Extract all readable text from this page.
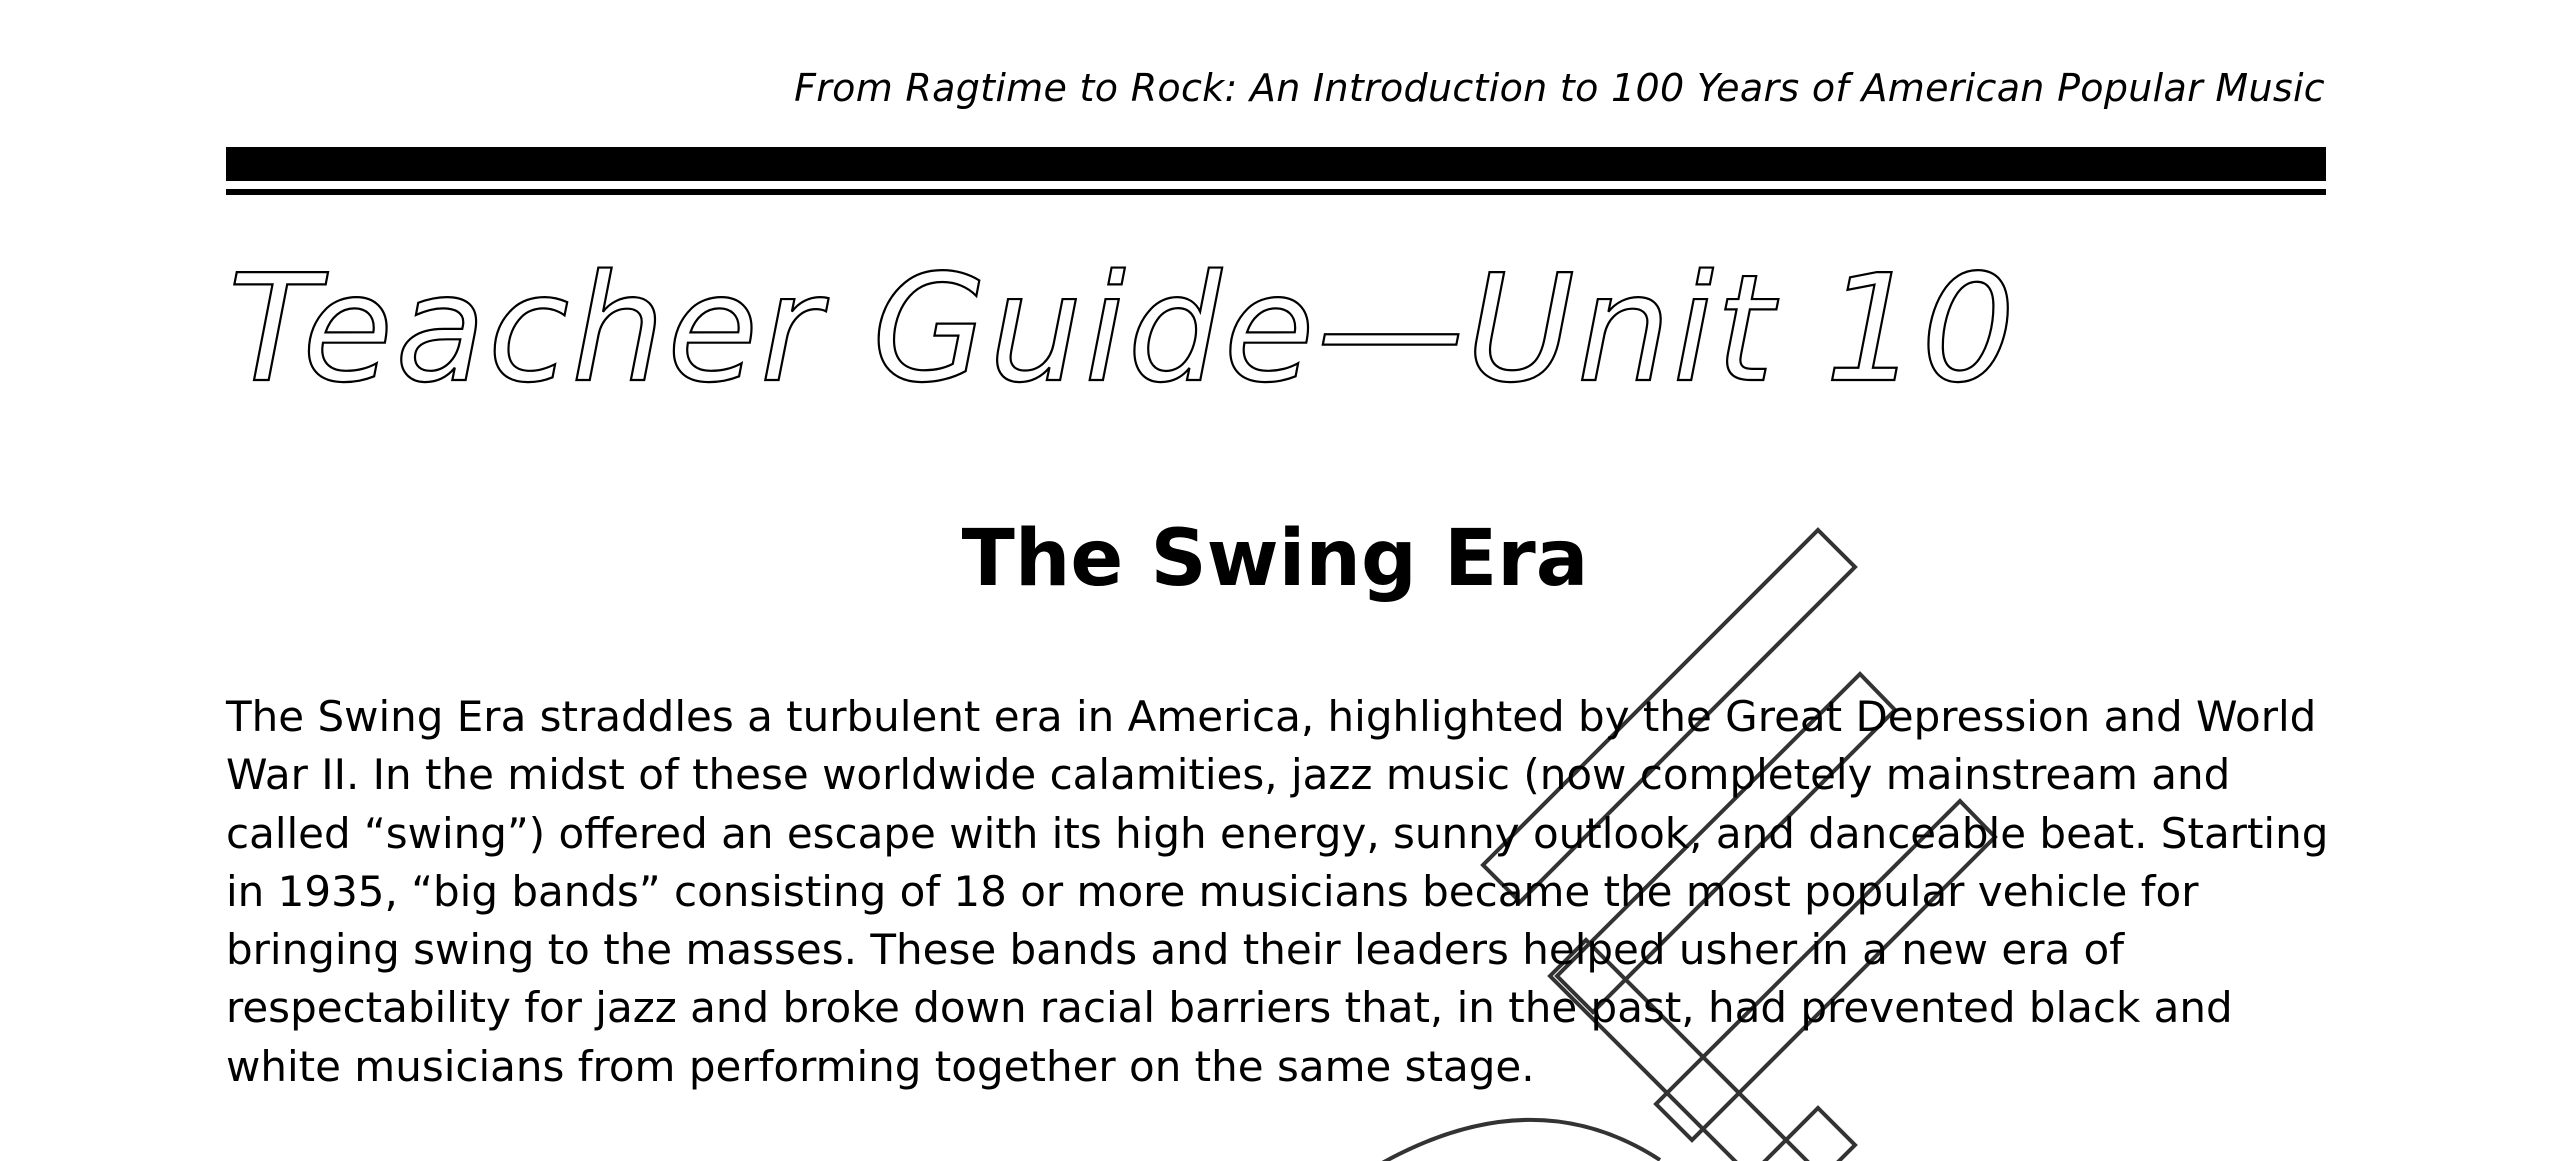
From Ragtime to Rock: An Introduction to 100 Years of American Popular Music
Teacher Guide—Unit 10
The Swing Era

The Swing Era straddles a turbulent era in America, highlighted by the Great Depression and World War II. In the midst of these worldwide calamities, jazz music (now completely mainstream and called “swing”) offered an escape with its high energy, sunny outlook, and danceable beat. Starting in 1935, “big bands” consisting of 18 or more musicians became the most popular vehicle for bringing swing to the masses. These bands and their leaders helped usher in a new era of respectability for jazz and broke down racial barriers that, in the past, had prevented black and white musicians from performing together on the same stage.
